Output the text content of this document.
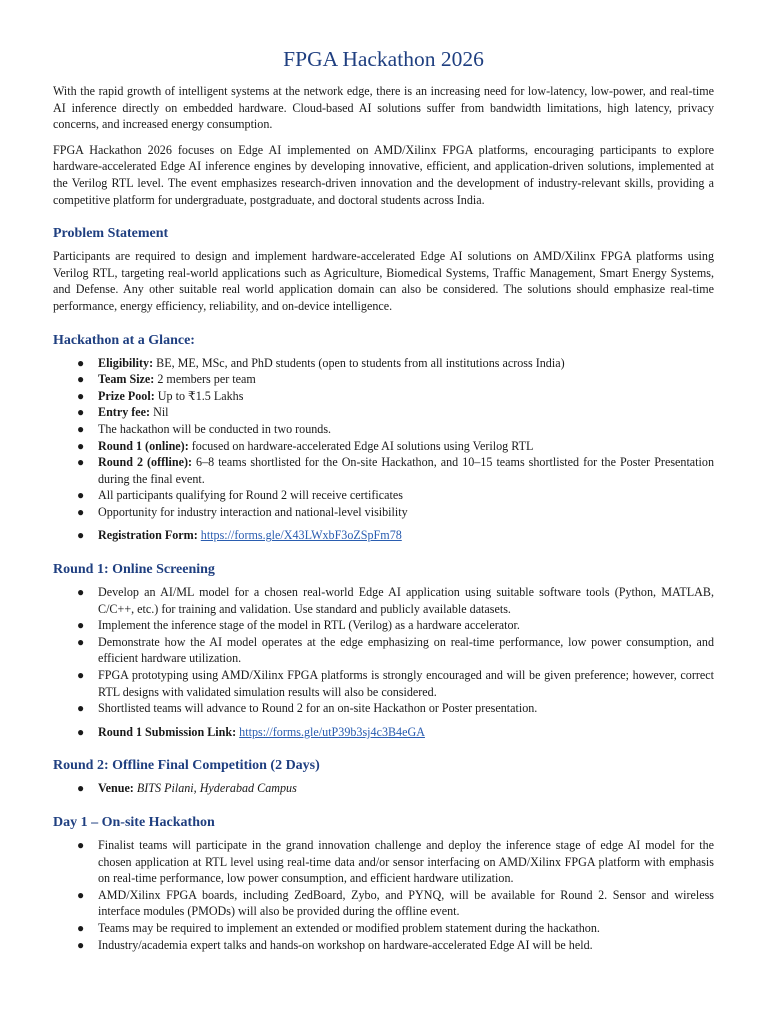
FPGA Hackathon 2026

With the rapid growth of intelligent systems at the network edge, there is an increasing need for low-latency, low-power, and real-time AI inference directly on embedded hardware. Cloud-based AI solutions suffer from bandwidth limitations, high latency, privacy concerns, and increased energy consumption.

FPGA Hackathon 2026 focuses on Edge AI implemented on AMD/Xilinx FPGA platforms, encouraging participants to explore hardware-accelerated Edge AI inference engines by developing innovative, efficient, and application-driven solutions, implemented at the Verilog RTL level. The event emphasizes research-driven innovation and the development of industry-relevant skills, providing a competitive platform for undergraduate, postgraduate, and doctoral students across India.

Problem Statement

Participants are required to design and implement hardware-accelerated Edge AI solutions on AMD/Xilinx FPGA platforms using Verilog RTL, targeting real-world applications such as Agriculture, Biomedical Systems, Traffic Management, Smart Energy Systems, and Defense. Any other suitable real world application domain can also be considered. The solutions should emphasize real-time performance, energy efficiency, reliability, and on-device intelligence.

Hackathon at a Glance:
● Eligibility: BE, ME, MSc, and PhD students (open to students from all institutions across India)
● Team Size: 2 members per team
● Prize Pool: Up to ₹1.5 Lakhs
● Entry fee: Nil
● The hackathon will be conducted in two rounds.
● Round 1 (online): focused on hardware-accelerated Edge AI solutions using Verilog RTL
● Round 2 (offline): 6–8 teams shortlisted for the On-site Hackathon, and 10–15 teams shortlisted for the Poster Presentation during the final event.
● All participants qualifying for Round 2 will receive certificates
● Opportunity for industry interaction and national-level visibility
● Registration Form: https://forms.gle/X43LWxbF3oZSpFm78
Round 1: Online Screening
● Develop an AI/ML model for a chosen real-world Edge AI application using suitable software tools (Python, MATLAB, C/C++, etc.) for training and validation. Use standard and publicly available datasets.
● Implement the inference stage of the model in RTL (Verilog) as a hardware accelerator.
● Demonstrate how the AI model operates at the edge emphasizing on real-time performance, low power consumption, and efficient hardware utilization.
● FPGA prototyping using AMD/Xilinx FPGA platforms is strongly encouraged and will be given preference; however, correct RTL designs with validated simulation results will also be considered.
● Shortlisted teams will advance to Round 2 for an on-site Hackathon or Poster presentation.
● Round 1 Submission Link: https://forms.gle/utP39b3sj4c3B4eGA
Round 2: Offline Final Competition (2 Days)
● Venue: BITS Pilani, Hyderabad Campus
Day 1 – On-site Hackathon
● Finalist teams will participate in the grand innovation challenge and deploy the inference stage of edge AI model for the chosen application at RTL level using real-time data and/or sensor interfacing on AMD/Xilinx FPGA platform with emphasis on real-time performance, low power consumption, and efficient hardware utilization.
● AMD/Xilinx FPGA boards, including ZedBoard, Zybo, and PYNQ, will be available for Round 2. Sensor and wireless interface modules (PMODs) will also be provided during the offline event.
● Teams may be required to implement an extended or modified problem statement during the hackathon.
● Industry/academia expert talks and hands-on workshop on hardware-accelerated Edge AI will be held.
